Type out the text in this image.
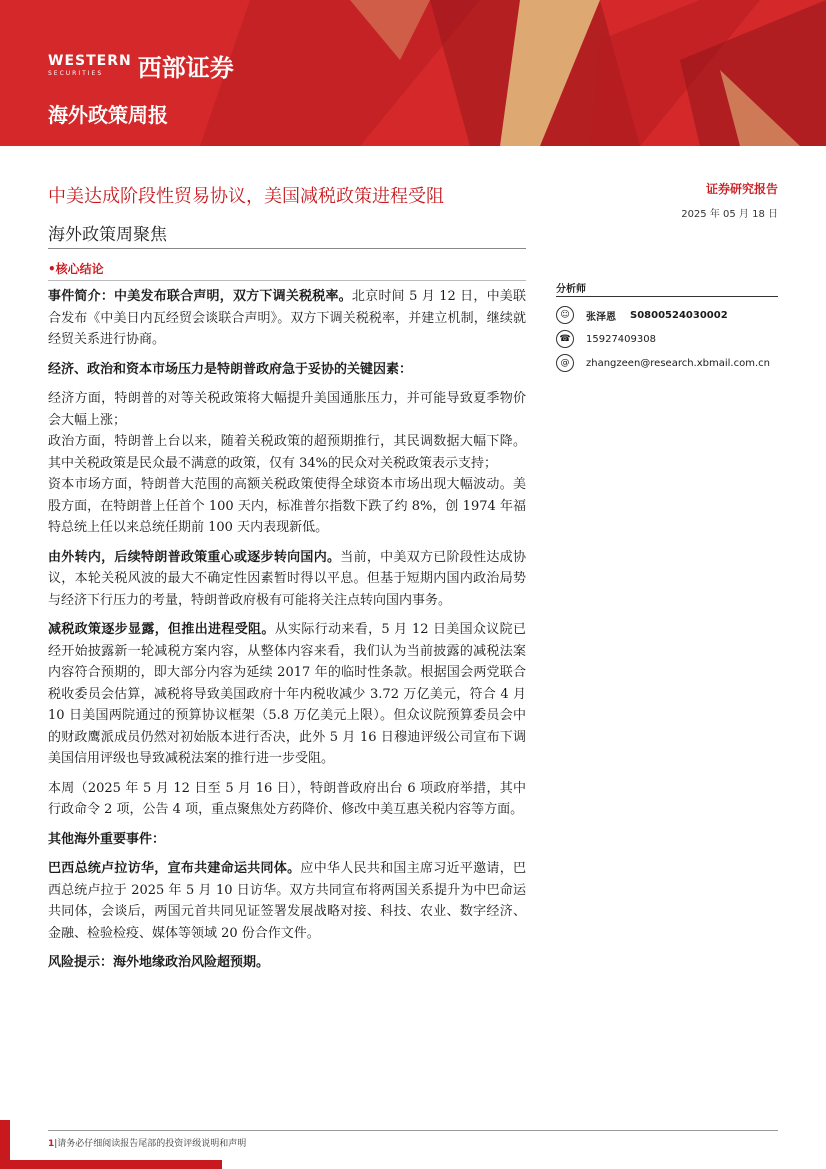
WESTERN
SECURITIES	西部证券
海外政策周报
中美达成阶段性贸易协议，美国减税政策进程受阻
海外政策周聚焦
证券研究报告
2025 年 05 月 18 日
•核心结论

事件简介：中美发布联合声明，双方下调关税税率。北京时间 5 月 12 日，中美联合发布《中美日内瓦经贸会谈联合声明》。双方下调关税税率，并建立机制，继续就经贸关系进行协商。

经济、政治和资本市场压力是特朗普政府急于妥协的关键因素：

经济方面，特朗普的对等关税政策将大幅提升美国通胀压力，并可能导致夏季物价会大幅上涨；

政治方面，特朗普上台以来，随着关税政策的超预期推行，其民调数据大幅下降。其中关税政策是民众最不满意的政策，仅有 34%的民众对关税政策表示支持；

资本市场方面，特朗普大范围的高额关税政策使得全球资本市场出现大幅波动。美股方面，在特朗普上任首个 100 天内，标准普尔指数下跌了约 8%，创 1974 年福特总统上任以来总统任期前 100 天内表现新低。

由外转内，后续特朗普政策重心或逐步转向国内。当前，中美双方已阶段性达成协议，本轮关税风波的最大不确定性因素暂时得以平息。但基于短期内国内政治局势与经济下行压力的考量，特朗普政府极有可能将关注点转向国内事务。

减税政策逐步显露，但推出进程受阻。从实际行动来看，5 月 12 日美国众议院已经开始披露新一轮减税方案内容，从整体内容来看，我们认为当前披露的减税法案内容符合预期的，即大部分内容为延续 2017 年的临时性条款。根据国会两党联合税收委员会估算，减税将导致美国政府十年内税收减少 3.72 万亿美元，符合 4 月 10 日美国两院通过的预算协议框架（5.8 万亿美元上限）。但众议院预算委员会中的财政鹰派成员仍然对初始版本进行否决，此外 5 月 16 日穆迪评级公司宣布下调美国信用评级也导致减税法案的推行进一步受阻。

本周（2025 年 5 月 12 日至 5 月 16 日），特朗普政府出台 6 项政府举措，其中行政命令 2 项，公告 4 项，重点聚焦处方药降价、修改中美互惠关税内容等方面。

其他海外重要事件：

巴西总统卢拉访华，宣布共建命运共同体。应中华人民共和国主席习近平邀请，巴西总统卢拉于 2025 年 5 月 10 日访华。双方共同宣布将两国关系提升为中巴命运共同体，会谈后，两国元首共同见证签署发展战略对接、科技、农业、数字经济、金融、检验检疫、媒体等领域 20 份合作文件。

风险提示：海外地缘政治风险超预期。

分析师
☺	张泽恩 S0800524030002
☎	15927409308
@	zhangzeen@research.xbmail.com.cn
1|请务必仔细阅读报告尾部的投资评级说明和声明
